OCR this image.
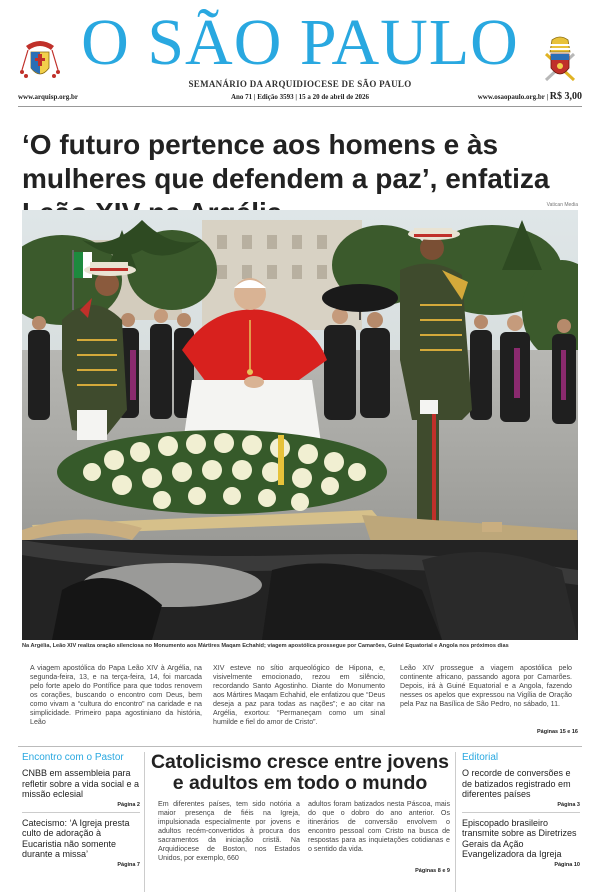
O SÃO PAULO
SEMANÁRIO DA ARQUIDIOCESE DE SÃO PAULO
www.arquisp.org.br	Ano 71 | Edição 3593 | 15 a 20 de abril de 2026	www.osaopaulo.org.br | R$ 3,00
‘O futuro pertence aos homens e às mulheres que defendem a paz’, enfatiza
Vatican Media
Na Argélia, Leão XIV realiza oração silenciosa no Monumento aos Mártires Maqam Echahid; viagem apostólica prossegue por Camarões, Guiné Equatorial e Angola nos próximos dias

A viagem apostólica do Papa Leão XIV à Argélia, na segunda-feira, 13, e na terça-feira, 14, foi marcada pelo forte apelo do Pontífice para que todos renovem os corações, buscando o encontro com Deus, bem como vivam a “cultura do encontro” na caridade e na simplicidade. Primeiro papa agostiniano da história, Leão

XIV esteve no sítio arqueológico de Hipona, e, visivelmente emocionado, rezou em silêncio, recordando Santo Agostinho. Diante do Monumento aos Mártires Maqam Echahid, ele enfatizou que “Deus deseja a paz para todas as nações”; e ao citar na Argélia, exortou: “Permaneçam como um sinal humilde e fiel do amor de Cristo”.

Leão XIV prossegue a viagem apostólica pelo continente africano, passando agora por Camarões. Depois, irá à Guiné Equatorial e a Angola, fazendo nesses os apelos que expressou na Vigília de Oração pela Paz na Basílica de São Pedro, no sábado, 11.

Páginas 15 e 16
Encontro com o Pastor
CNBB em assembleia para refletir sobre a vida social e a missão eclesial
Página 2
Catecismo: ‘A Igreja presta culto de adoração à Eucaristia não somente durante a missa’
Página 7
Catolicismo cresce entre jovens e adultos em todo o mundo

Em diferentes países, tem sido notória a maior presença de fiéis na Igreja, impulsionada especialmente por jovens e adultos recém-convertidos à procura dos sacramentos da iniciação cristã. Na Arquidiocese de Boston, nos Estados Unidos, por exemplo, 660

adultos foram batizados nesta Páscoa, mais do que o dobro do ano anterior. Os itinerários de conversão envolvem o encontro pessoal com Cristo na busca de respostas para as inquietações cotidianas e o sentido da vida.

Páginas 8 e 9
Editorial
O recorde de conversões e de batizados registrado em diferentes países
Página 3
Episcopado brasileiro transmite sobre as Diretrizes Gerais da Ação Evangelizadora da Igreja
Página 10
